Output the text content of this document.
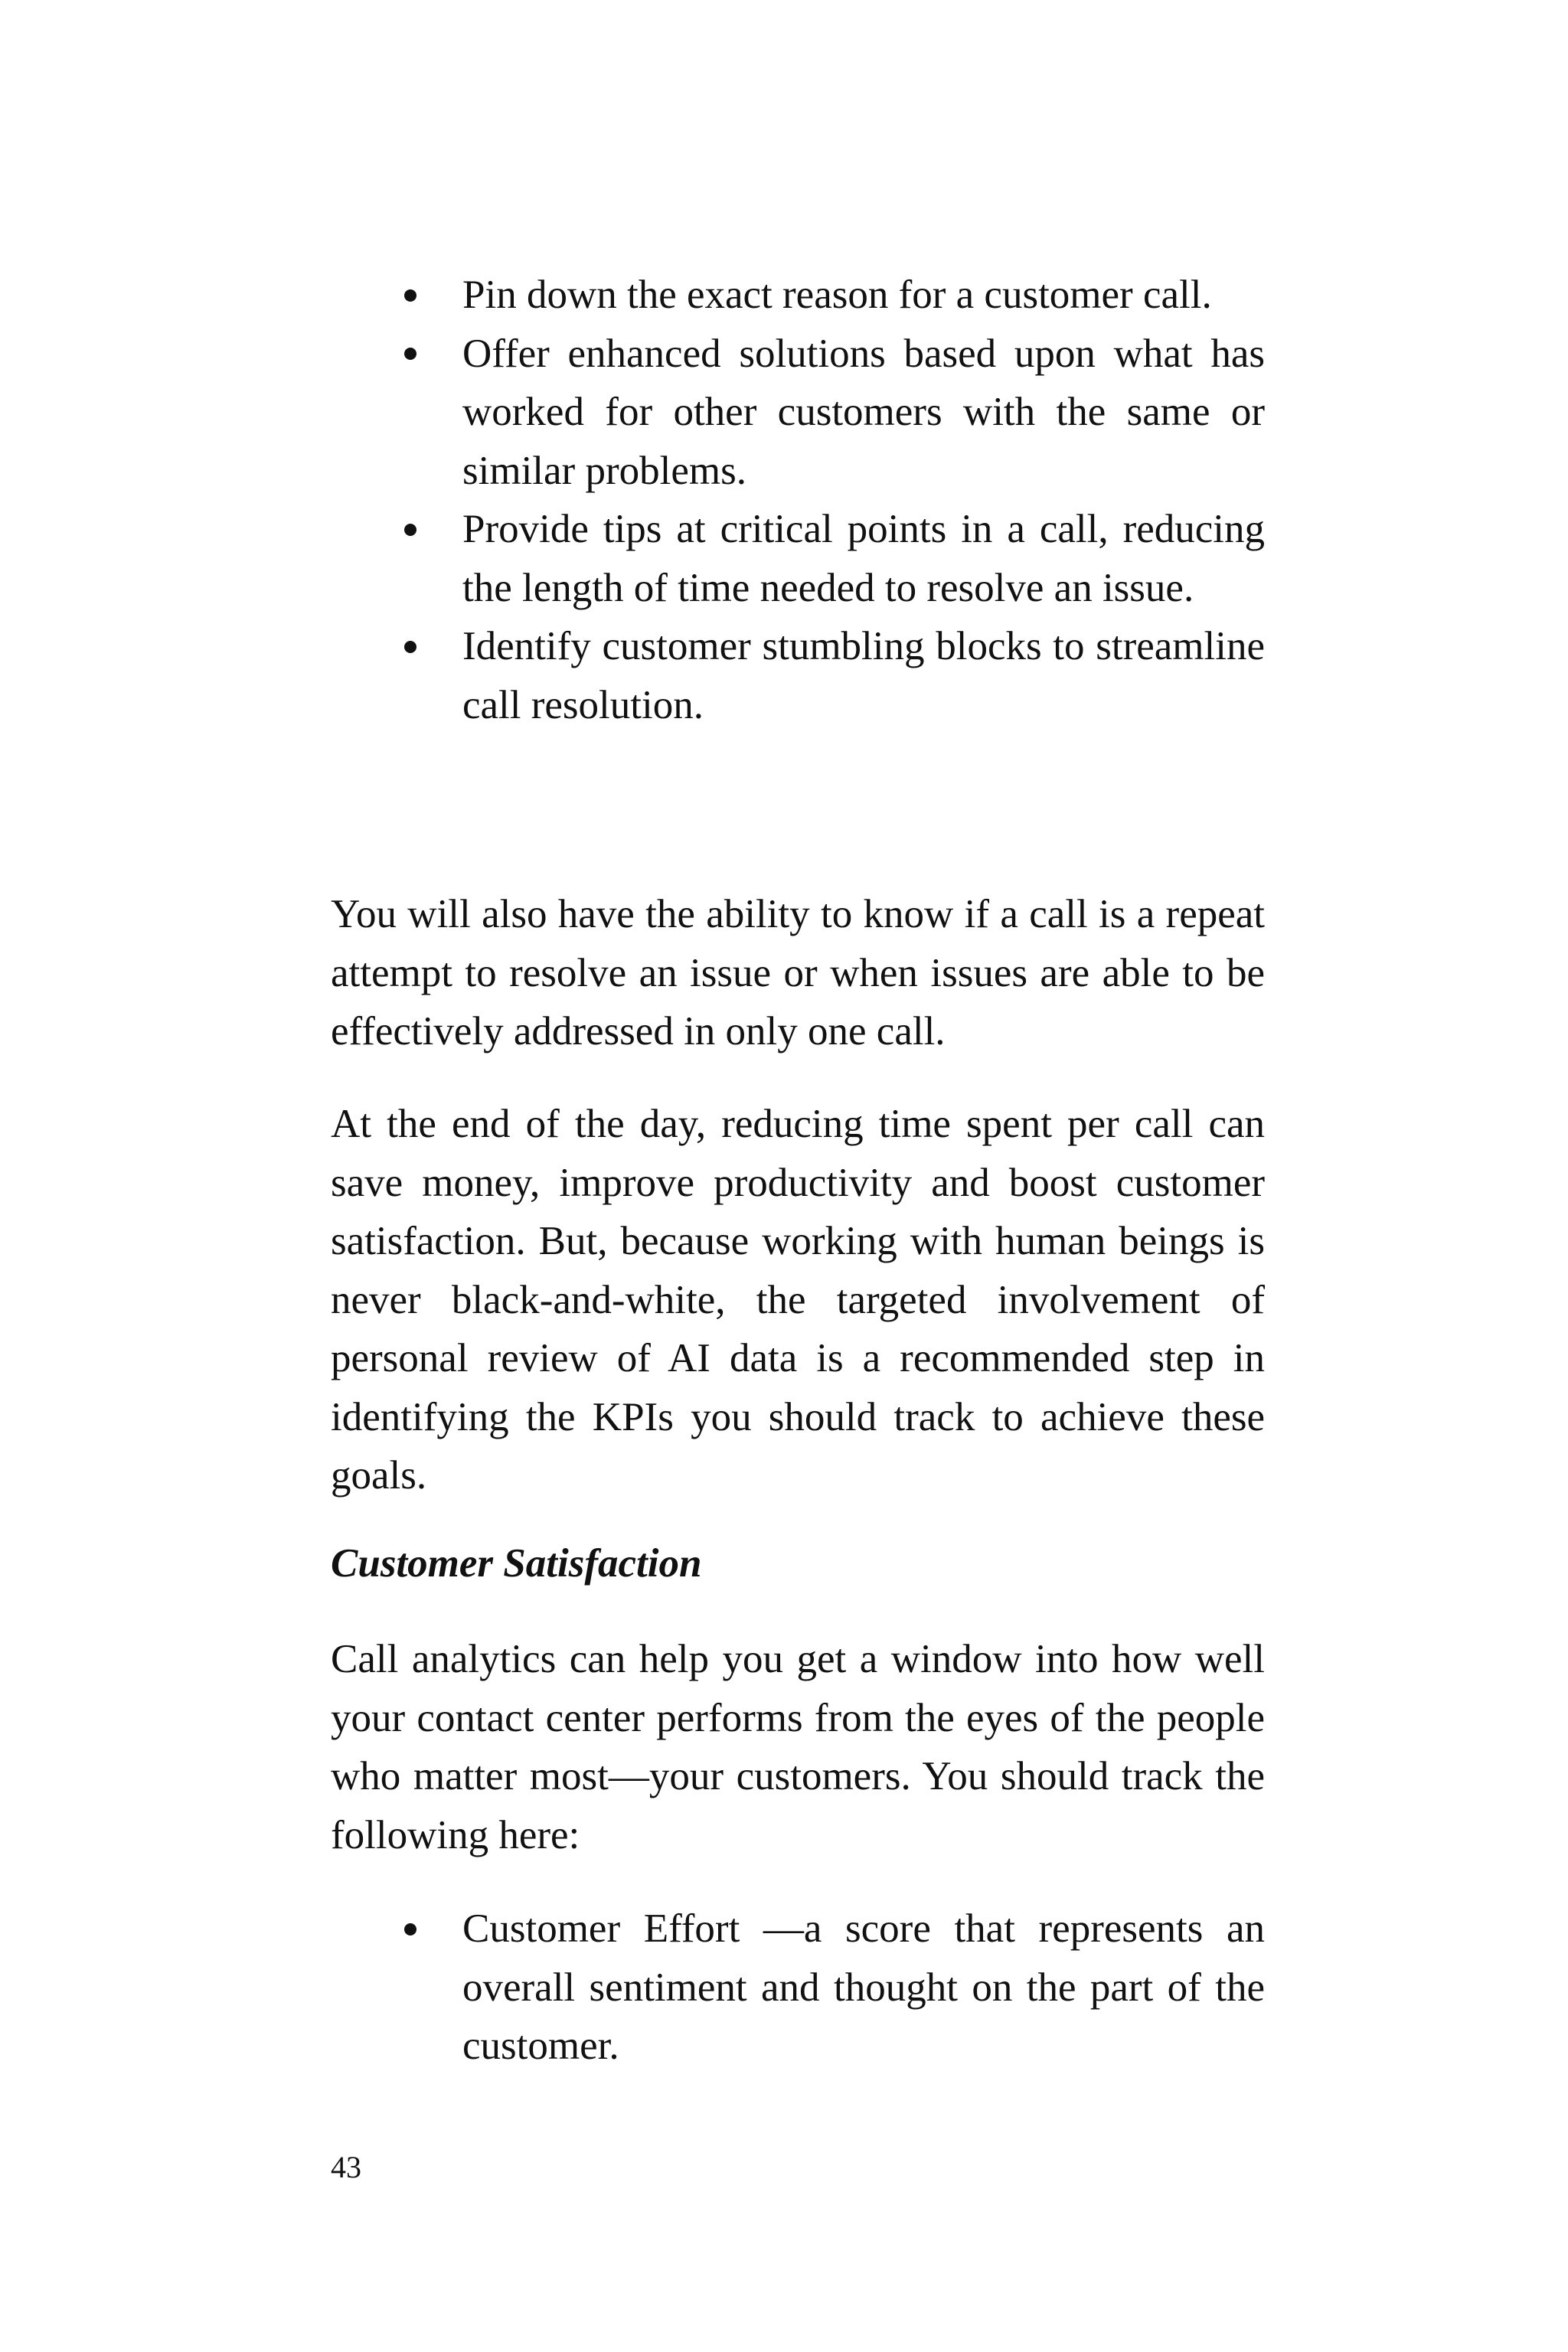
Pin down the exact reason for a customer call.
Offer enhanced solutions based upon what has worked for other customers with the same or similar problems.
Provide tips at critical points in a call, reducing the length of time needed to resolve an issue.
Identify customer stumbling blocks to streamline call resolution.

You will also have the ability to know if a call is a repeat attempt to resolve an issue or when issues are able to be effectively addressed in only one call.

At the end of the day, reducing time spent per call can save money, improve productivity and boost customer satisfaction. But, because working with human beings is never black-and-white, the targeted involvement of personal review of AI data is a recommended step in identifying the KPIs you should track to achieve these goals.

Customer Satisfaction

Call analytics can help you get a window into how well your contact center performs from the eyes of the people who matter most—your customers. You should track the following here:

Customer Effort —a score that represents an overall sentiment and thought on the part of the customer.
43
